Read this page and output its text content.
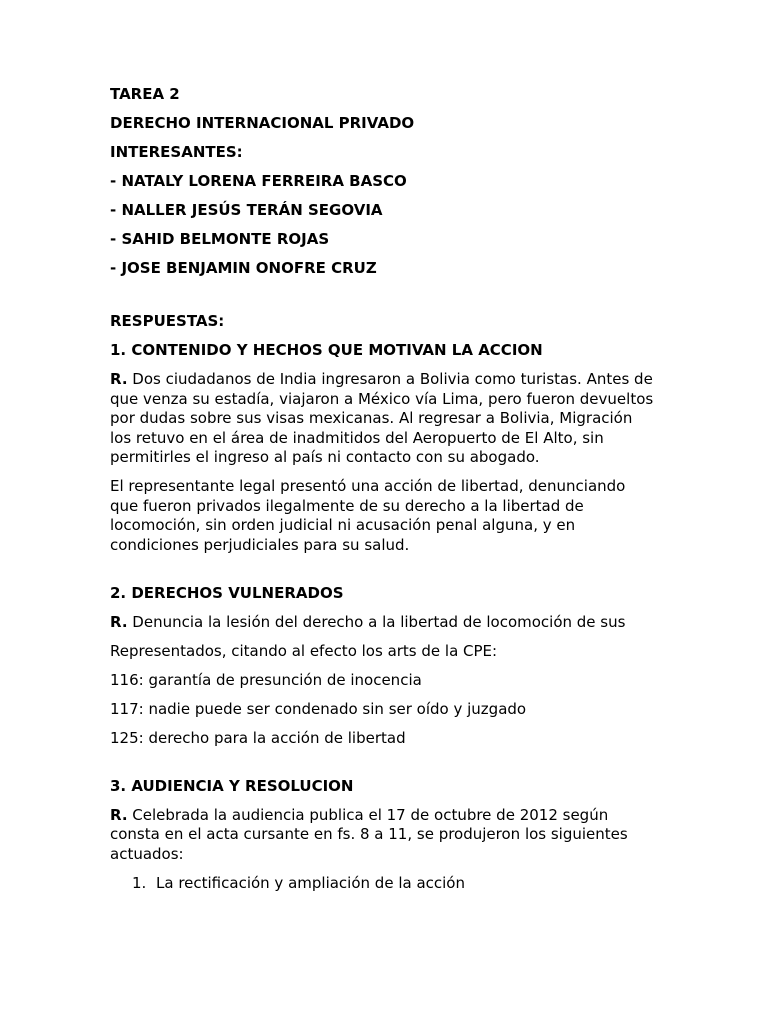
TAREA 2

DERECHO INTERNACIONAL PRIVADO

INTERESANTES:

- NATALY LORENA FERREIRA BASCO

- NALLER JESÚS TERÁN SEGOVIA

- SAHID BELMONTE ROJAS

- JOSE BENJAMIN ONOFRE CRUZ

RESPUESTAS:

1. CONTENIDO Y HECHOS QUE MOTIVAN LA ACCION

R. Dos ciudadanos de India ingresaron a Bolivia como turistas. Antes de que venza su estadía, viajaron a México vía Lima, pero fueron devueltos por dudas sobre sus visas mexicanas. Al regresar a Bolivia, Migración los retuvo en el área de inadmitidos del Aeropuerto de El Alto, sin permitirles el ingreso al país ni contacto con su abogado.

El representante legal presentó una acción de libertad, denunciando que fueron privados ilegalmente de su derecho a la libertad de locomoción, sin orden judicial ni acusación penal alguna, y en condiciones perjudiciales para su salud.

2. DERECHOS VULNERADOS

R. Denuncia la lesión del derecho a la libertad de locomoción de sus

Representados, citando al efecto los arts de la CPE:

116: garantía de presunción de inocencia

117: nadie puede ser condenado sin ser oído y juzgado

125: derecho para la acción de libertad

3. AUDIENCIA Y RESOLUCION

R. Celebrada la audiencia publica el 17 de octubre de 2012 según consta en el acta cursante en fs. 8 a 11, se produjeron los siguientes actuados:

1. La rectificación y ampliación de la acción
